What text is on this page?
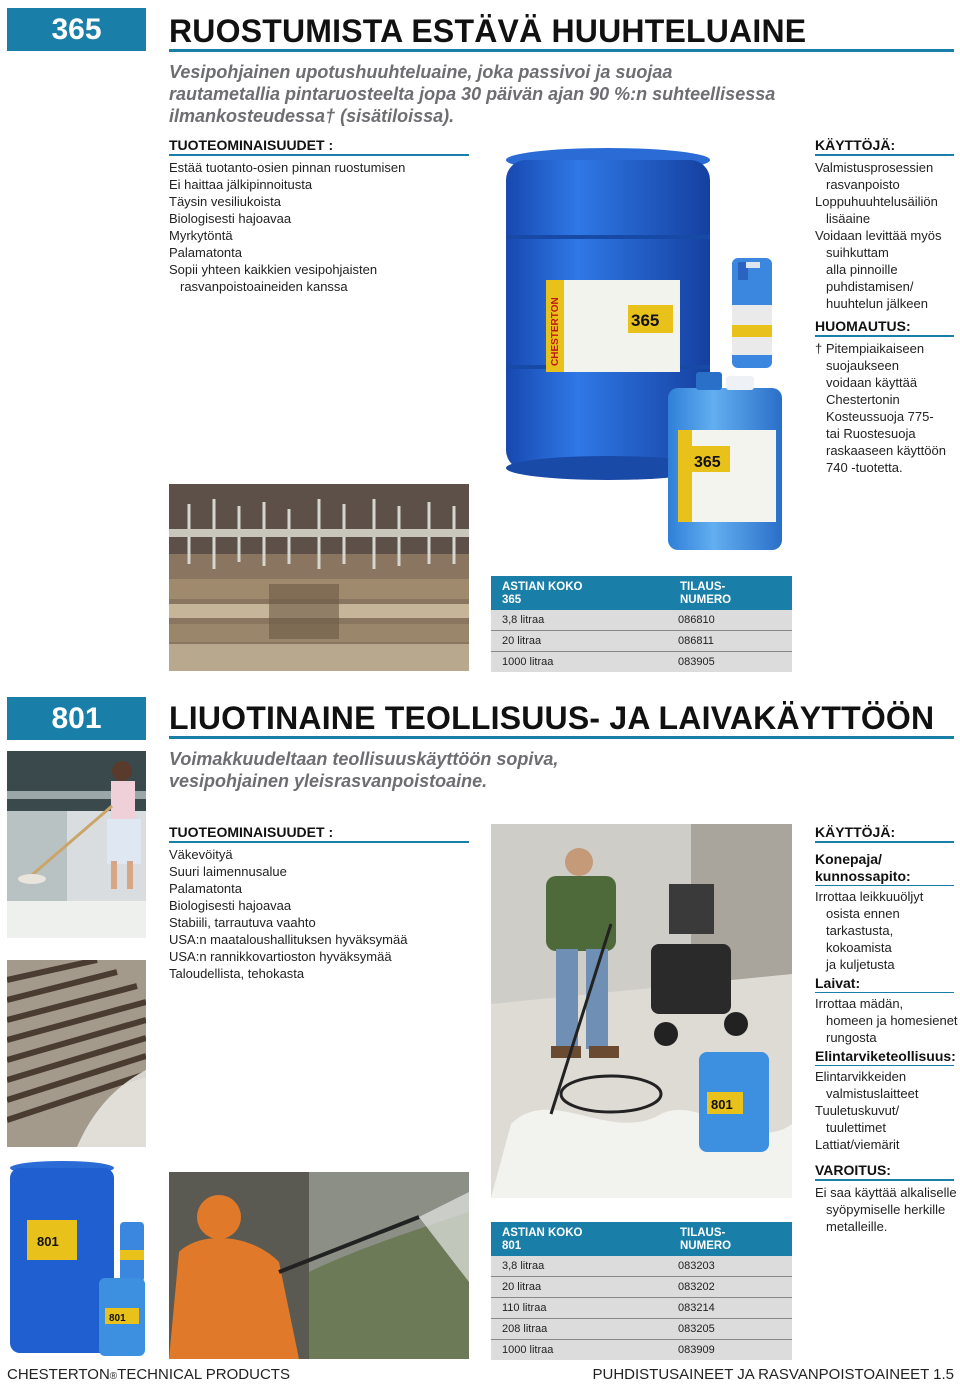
365	RUOSTUMISTA ESTÄVÄ HUUHTELUAINE
Vesipohjainen upotushuuhteluaine, joka passivoi ja suojaa
rautametallia pintaruosteelta jopa 30 päivän ajan 90 %:n suhteellisessa
ilmankosteudessa† (sisätiloissa).
TUOTEOMINAISUUDET :
Estää tuotanto-osien pinnan ruostumisen
Ei haittaa jälkipinnoitusta
Täysin vesiliukoista
Biologisesti hajoavaa
Myrkytöntä
Palamatonta
Sopii yhteen kaikkien vesipohjaisten
rasvanpoistoaineiden kanssa
CHESTERTON	365
365
KÄYTTÖJÄ:
Valmistusprosessien
rasvanpoisto
Loppuhuuhtelusäiliön
lisäaine
Voidaan levittää myös
suihkuttam
alla pinnoille
puhdistamisen/
huuhtelun jälkeen
HUOMAUTUS:
† Pitempiaikaiseen
suojaukseen
voidaan käyttää
Chestertonin
Kosteussuoja 775-
tai Ruostesuoja
raskaaseen käyttöön
740 -tuotetta.
ASTIAN KOKO
365
TILAUS-
NUMERO
3,8 litraa	086810
20 litraa	086811
1000 litraa	083905
801	LIUOTINAINE TEOLLISUUS- JA LAIVAKÄYTTÖÖN
Voimakkuudeltaan teollisuuskäyttöön sopiva,
vesipohjainen yleisrasvanpoistoaine.
801
801
TUOTEOMINAISUUDET :
Väkevöityä
Suuri laimennusalue
Palamatonta
Biologisesti hajoavaa
Stabiili, tarrautuva vaahto
USA:n maataloushallituksen hyväksymää
USA:n rannikkovartioston hyväksymää
Taloudellista, tehokasta
801
ASTIAN KOKO
801
TILAUS-
NUMERO
3,8 litraa	083203
20 litraa	083202
110 litraa	083214
208 litraa	083205
1000 litraa	083909
KÄYTTÖJÄ:
Konepaja/
kunnossapito:
Irrottaa leikkuuöljyt
osista ennen
tarkastusta,
kokoamista
ja kuljetusta
Laivat:
Irrottaa mädän,
homeen ja homesienet
rungosta
Elintarviketeollisuus:
Elintarvikkeiden
valmistuslaitteet
Tuuletuskuvut/
tuulettimet
Lattiat/viemärit
VAROITUS:
Ei saa käyttää alkaliselle
syöpymiselle herkille
metalleille.
CHESTERTON®TECHNICAL PRODUCTS	PUHDISTUSAINEET JA RASVANPOISTOAINEET 1.5
